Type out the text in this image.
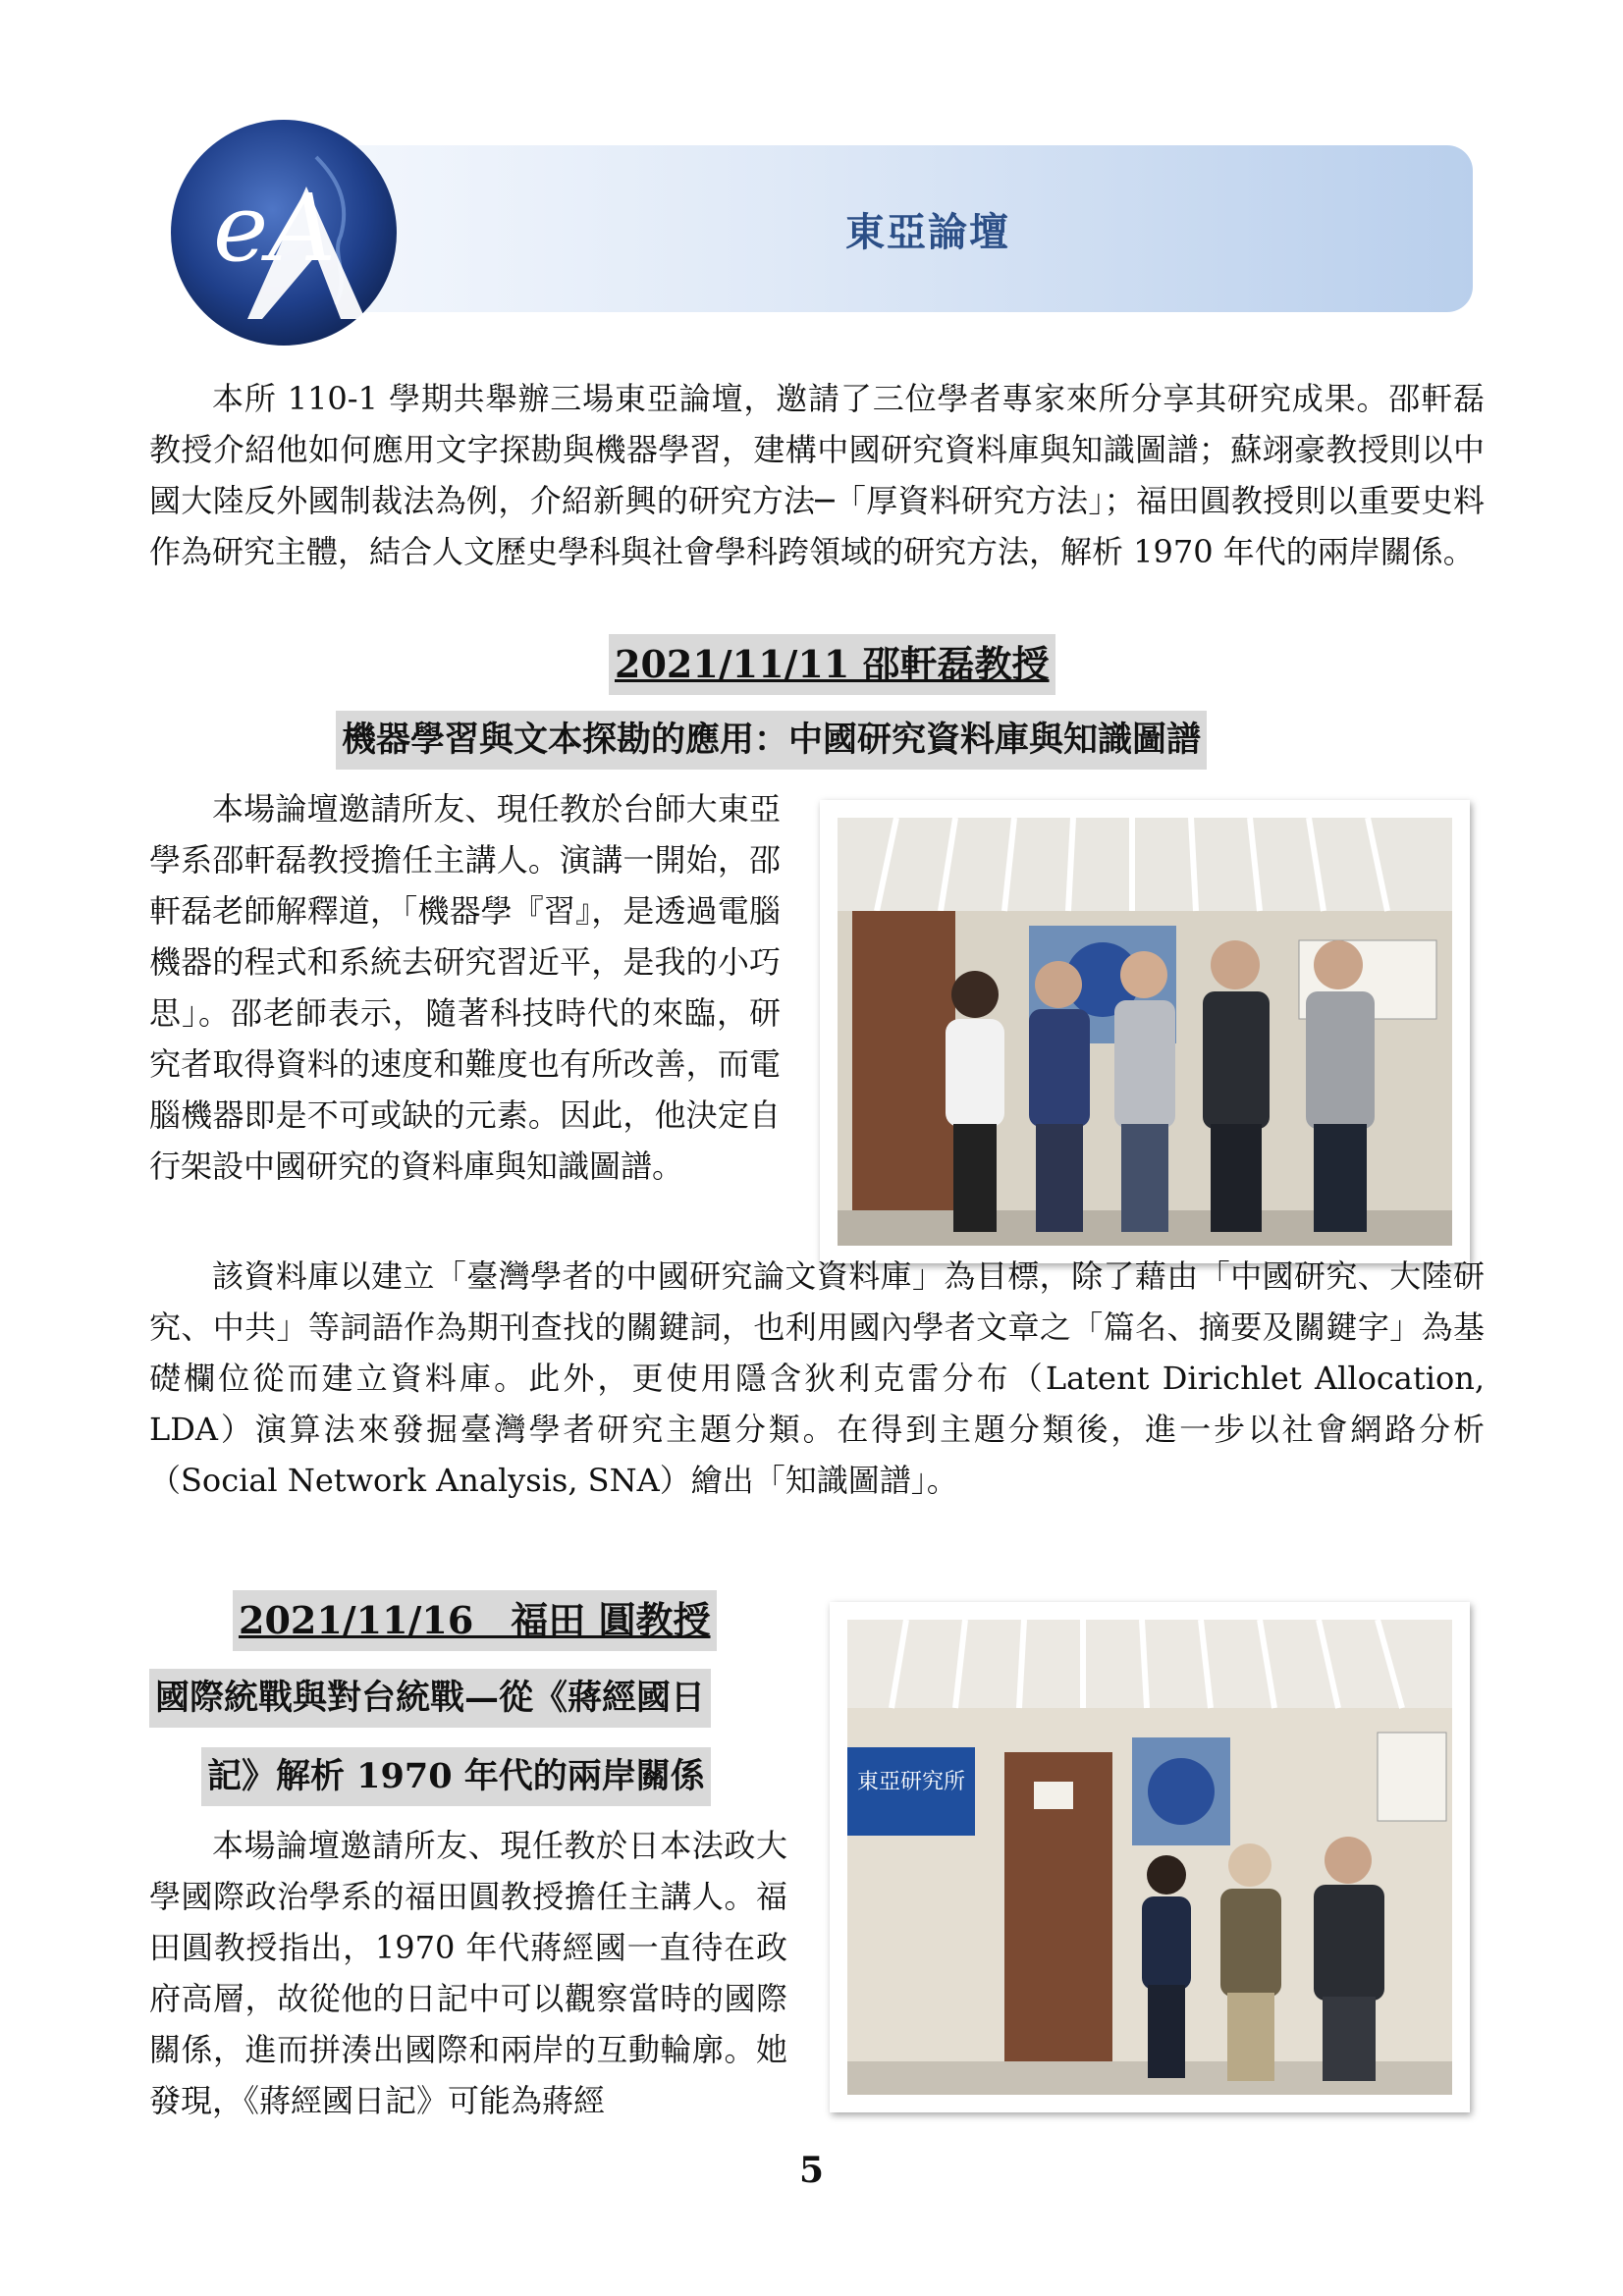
東亞論壇
eA

本所 110-1 學期共舉辦三場東亞論壇，邀請了三位學者專家來所分享其研究成果。邵軒磊教授介紹他如何應用文字探勘與機器學習，建構中國研究資料庫與知識圖譜；蘇翊豪教授則以中國大陸反外國制裁法為例，介紹新興的研究方法─「厚資料研究方法」；福田圓教授則以重要史料作為研究主體，結合人文歷史學科與社會學科跨領域的研究方法，解析 1970 年代的兩岸關係。

2021/11/11 邵軒磊教授
機器學習與文本探勘的應用：中國研究資料庫與知識圖譜

本場論壇邀請所友、現任教於台師大東亞學系邵軒磊教授擔任主講人。演講一開始，邵軒磊老師解釋道，「機器學『習』，是透過電腦機器的程式和系統去研究習近平，是我的小巧思」。邵老師表示，隨著科技時代的來臨，研究者取得資料的速度和難度也有所改善，而電腦機器即是不可或缺的元素。因此，他決定自行架設中國研究的資料庫與知識圖譜。

該資料庫以建立「臺灣學者的中國研究論文資料庫」為目標，除了藉由「中國研究、大陸研究、中共」等詞語作為期刊查找的關鍵詞，也利用國內學者文章之「篇名、摘要及關鍵字」為基礎欄位從而建立資料庫。此外，更使用隱含狄利克雷分布（Latent Dirichlet Allocation, LDA）演算法來發掘臺灣學者研究主題分類。在得到主題分類後，進一步以社會網路分析（Social Network Analysis, SNA）繪出「知識圖譜」。

2021/11/16　福田 圓教授
國際統戰與對台統戰—從《蔣經國日
記》解析 1970 年代的兩岸關係

本場論壇邀請所友、現任教於日本法政大學國際政治學系的福田圓教授擔任主講人。福田圓教授指出，1970 年代蔣經國一直待在政府高層，故從他的日記中可以觀察當時的國際關係，進而拼湊出國際和兩岸的互動輪廓。她發現，《蔣經國日記》可能為蔣經

東亞研究所
5
